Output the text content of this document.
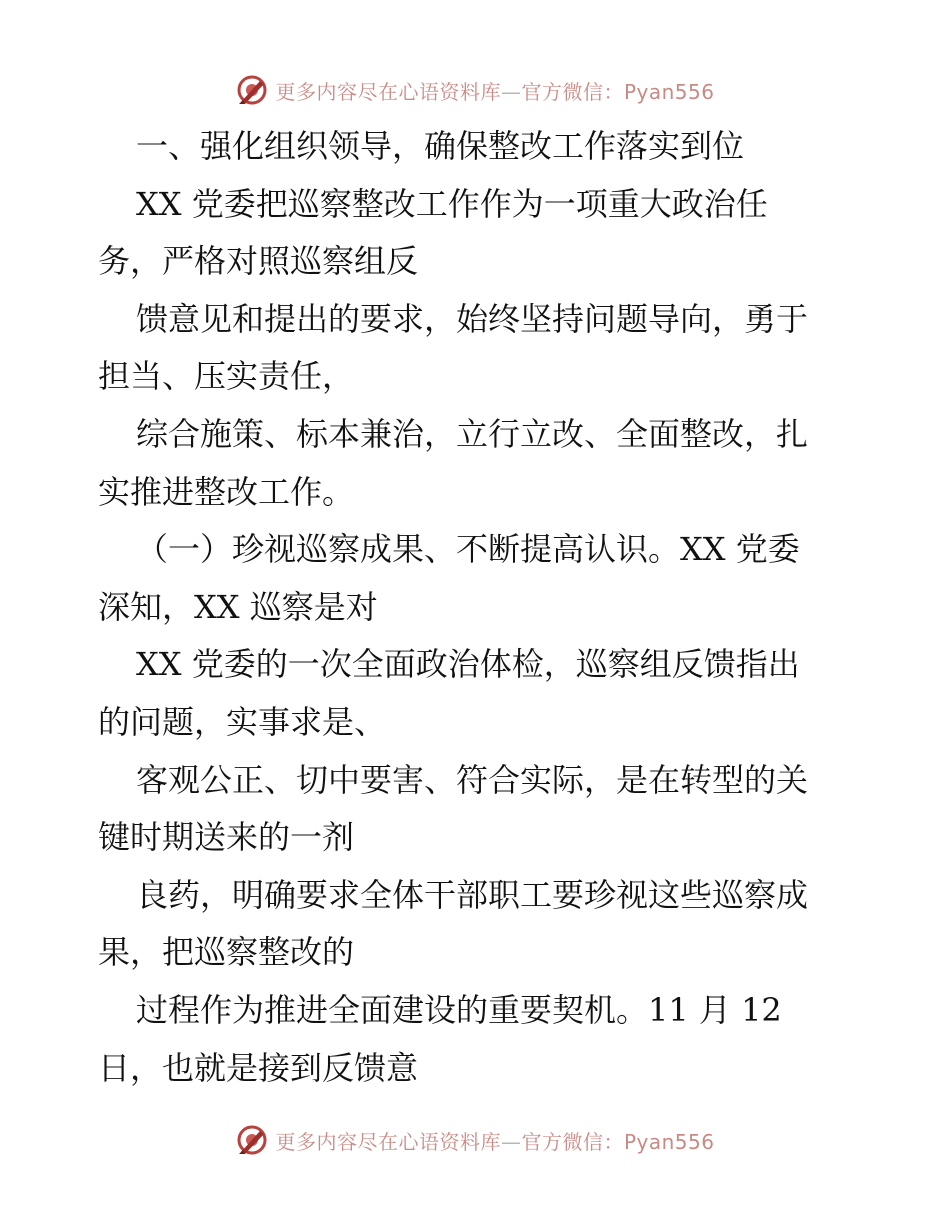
更多内容尽在心语资料库—官方微信：Pyan556
一、强化组织领导，确保整改工作落实到位
XX 党委把巡察整改工作作为一项重大政治任
务，严格对照巡察组反
馈意见和提出的要求，始终坚持问题导向，勇于
担当、压实责任，
综合施策、标本兼治，立行立改、全面整改，扎
实推进整改工作。
（一）珍视巡察成果、不断提高认识。XX 党委
深知，XX 巡察是对
XX 党委的一次全面政治体检，巡察组反馈指出
的问题，实事求是、
客观公正、切中要害、符合实际，是在转型的关
键时期送来的一剂
良药，明确要求全体干部职工要珍视这些巡察成
果，把巡察整改的
过程作为推进全面建设的重要契机。11 月 12
日，也就是接到反馈意
更多内容尽在心语资料库—官方微信：Pyan556
